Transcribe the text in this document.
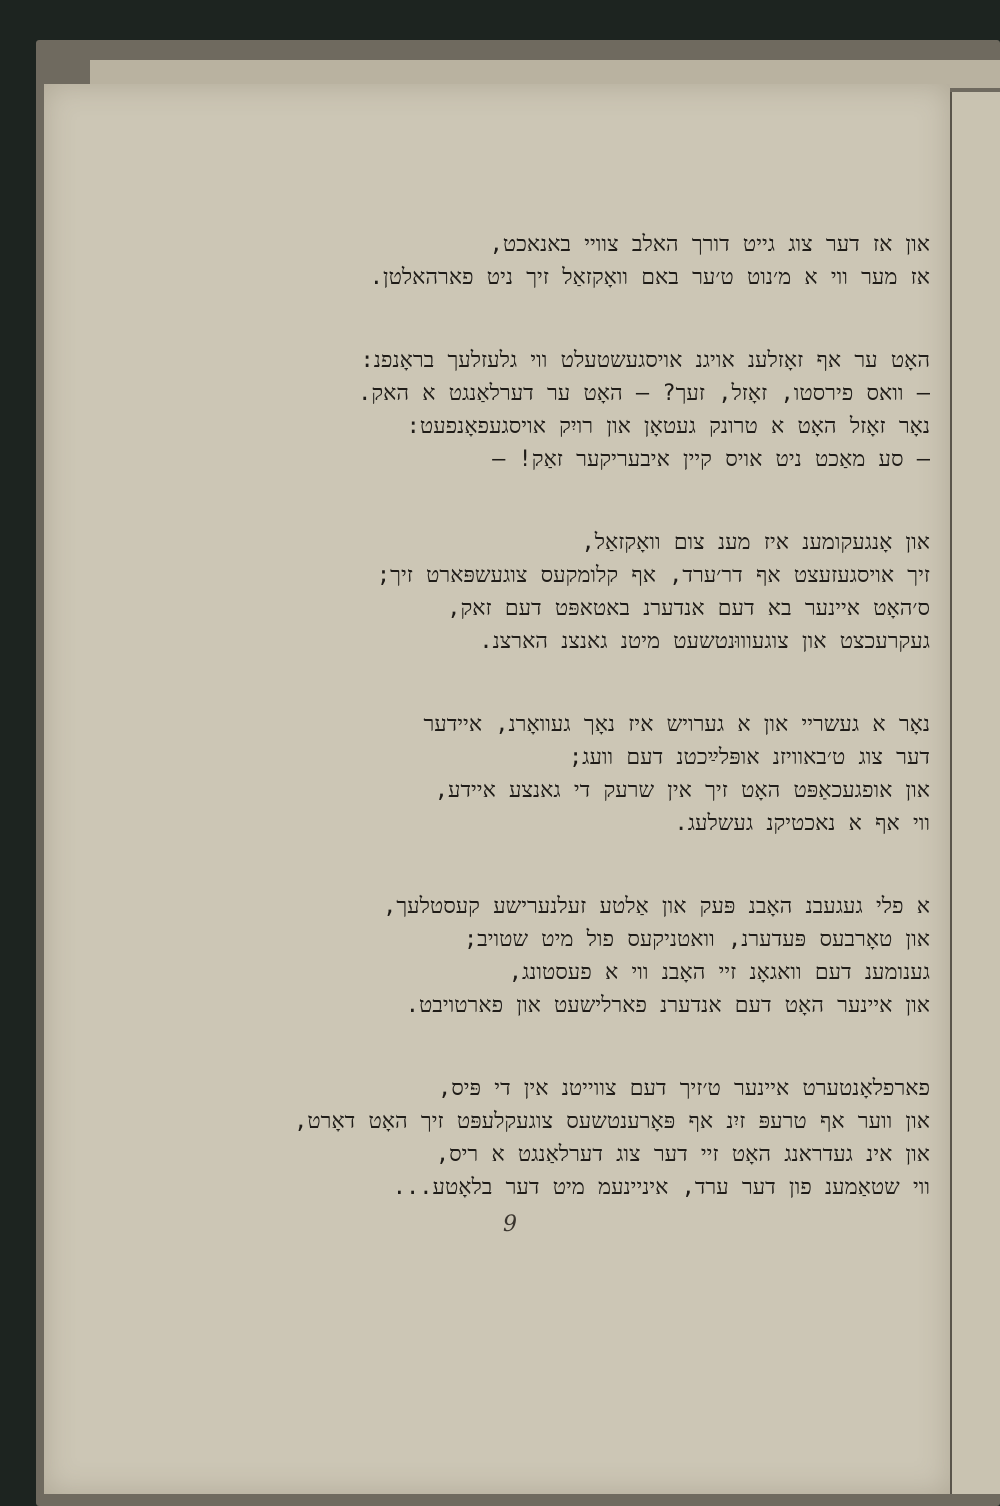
און אז דער צוג גייט דורך האלב צוויי באנאכט,
אז מער ווי א מ׳נוט ט׳ער באם וואָקזאַל זיך ניט פארהאלטן.
האָט ער אף זאָזלענ אויגנ אויסגעשטעלט ווי גלעזלעך בראָנפנ:
— וואס פירסטו, זאָזל, זעך? — האָט ער דערלאַנגט א האק.
נאָר זאָזל האָט א טרונק געטאָן און רויִק אויסגעפאָנפעט:
— סע מאַכט ניט אויס קיין איבעריקער זאַק! —
און אָנגעקומענ איז מענ צום וואָקזאַל,
זיך אויסגעזעצט אף דר׳ערד, אף קלומקעס צוגעשפּארט זיך;
ס׳האָט איינער בא דעם אנדערנ באטאפּט דעם זאק,
געקרעכצט און צוגעוווּנטשעט מיטנ גאנצנ הארצנ.
נאָר א געשריי און א גערויש איז נאָך געוואָרנ, איידער
דער צוג ט׳באוויזנ אופּלײַכטנ דעם וועג;
און אופגעכאַפּט האָט זיך אין שרעק די גאנצע איידע,
ווי אף א נאכטיקנ געשלעג.
א פלי געגעבנ האָבנ פּעק און אַלטע זעלנערישע קעסטלעך,
און טאָרבעס פּעדערנ, וואטניקעס פול מיט שטויב;
גענומענ דעם וואגאָנ זיי האָבנ ווי א פעסטונג,
און איינער האָט דעם אנדערנ פארלישעט און פארטויבט.
פארפלאָנטערט איינער ט׳זיך דעם צווייטנ אין די פּיס,
און ווער אף טרעפּ זיִנ אף פּאָרענטשעס צוגעקלעפּט זיך האָט דאָרט,
און אינ געדראנג האָט זיי דער צוג דערלאַנגט א ריס,
ווי שטאַמענ פון דער ערד, איניינעמ מיט דער בלאָטע...
9
